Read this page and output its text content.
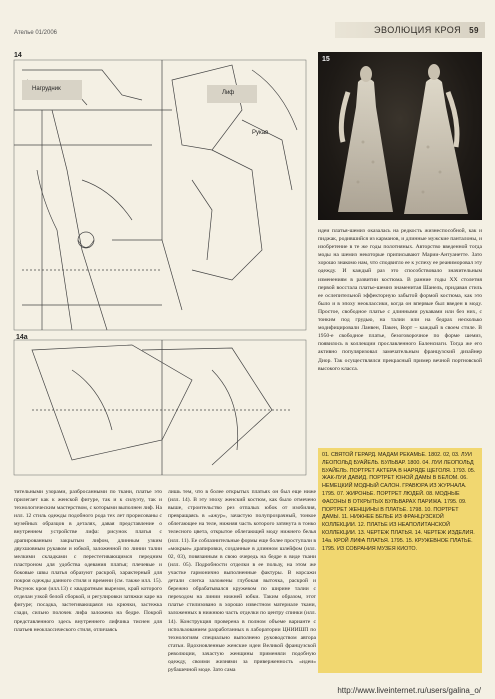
Ателье 01/2006	ЭВОЛЮЦИЯ КРОЯ 59
14
14a
Лиф
Нагрудник
Рукав
15
идеи платья-шемиз оказалась на редкость жизнеспособной, как и пиджак, родившийся из карманов, и длинные мужские панталоны, и изобретение в те же годы полотняных. Авторство введенной тогда моды на шемиз некоторые приписывают Марии-Антуанетте. Зато хорошо знакомо нам, что сподвигло ее к успеху ее реаниморовал эту одежду. И каждый раз это способствовало значительным изменениям в развитии костюма. В ранние годы ХХ столетия первой восстала платье-шемиз знаменитая Шанель, придавая стиль ее ослепительной эффекторную забытой формой костюма, как это было и в эпоху неоклассики, когда он впервые был введен в моду. Простое, свободное платье с длинными рукавами или без них, с тонким под грудью, на талии или на бедрах несколько модифицировали Ланвен, Пакен, Ворт – каждый в своем стиле. В 1950-е свободное платье, безоговорочное по форме шемиз, появилось в коллекции прославленного Баленсиаги. Тогда же его активно популяризовал замечательным французский дизайнер Диор. Так осуществлялся прекрасный пример вечной портновской высокого класса.
тительными узорами, разбросанными по ткани, платье это прилегает как к женской фигуре, так и к силуэту, так и технологическим мастерством, с которыми выполнен лиф. На илл. 12 стиль одежды подобного рода тех лет прорисованы с музейных образцов в деталях, давая представление о внутреннем устройстве лифа: рисунок платья с драпированным закрытым лифом, длинным узким двухшовным рукавом и юбкой, заложенной по линии талии мелкими складками с перестегивающимся передним пластроном для удобства одевания платья; плечевые и боковые швы платья образуют раскрой, характерный для покроя одежды данного стиля и времени (см. также илл. 15). Рисунок кроя (илл.13) с квадратным вырезом, край которого отделан узкой белой сборкой, и регулировки затяжки каре на фигуре; посадка, застегивающаяся на крючки, застежка сзади, сильно полочек лифа заложена на бедре. Покрой представленного здесь внутреннего лифчика тиснен для платьев неоклассического стиля, отличаясь
лишь тем, что в более открытых платьях он был еще ниже (илл. 14). В эту эпоху женский костюм, как было отмечено выше, строительство рез отпалых юбок от изобилия, превращаясь в «ажур», зачастую полупрозрачный, тонкое облегающее на теле, нижняя часть которого затянута в тонко телесного цвета, открытое облегающей моду нижнего белья (илл. 11). Ее соблазнительные формы еще более проступали в «мокрые» драпировки, созданные в длинном шлейфом (илл. 02, 03), повязанным в свою очередь на бедре в виде ткани (илл. 05). Подробности отделки в ее пользу, на этом же участке гармонично выполненные фактуры. В корсажи детали слегка заложены глубокая выточка, раскрой и бережно обрабатывался кружевом по ширине талии с переходом на линии нижней юбки. Таким образом, этот платье стилизовано в хорошо известном материале ткани, заложенных в нижнюю часть отделки по центру спинки (илл. 14). Конструкция проверена в полном объеме варианте с использованием разработанных в лаборатории ЦНИИШП по технологиям специально выполнено руководством автора статьи. Вдохновленные женские идеи Великой французской революции, зачастую женщины применяли подобную одежду, своими жизнями за приверженность «идеи» рубашечной моде. Зато сама
01. СВЯТОЙ ГЕРАРД. МАДАМ РЕКАМЬЕ. 1802. 02, 03. ЛУИ ЛЕОПОЛЬД БУАЙЕЛЬ. БУЛЬВАР. 1800. 04. ЛУИ ЛЕОПОЛЬД БУАЙЕЛЬ. ПОРТРЕТ АКТЕРА В НАРЯДЕ ЩЕГОЛЯ. 1793. 05. ЖАК-ЛУИ ДАВИД. ПОРТРЕТ ЮНОЙ ДАМЫ В БЕЛОМ. 06. НЕМЕЦКИЙ МОДНЫЙ САЛОН. ГРАВЮРА ИЗ ЖУРНАЛА. 1795. 07. ЖИРОНЬЕ. ПОРТРЕТ ЛЮДЕЙ. 08. МОДНЫЕ ФАСОНЫ В ОТКРЫТЫХ БУЛЬВАРАХ ПАРИЖА. 1795. 09. ПОРТРЕТ ЖЕНЩИНЫ В ПЛАТЬЕ. 1798. 10. ПОРТРЕТ ДАМЫ. 11. НИЖНЕЕ БЕЛЬЕ ИЗ ФРАНЦУЗСКОЙ КОЛЛЕКЦИИ. 12. ПЛАТЬЕ ИЗ НЕАПОЛИТАНСКОЙ КОЛЛЕКЦИИ. 13. ЧЕРТЕЖ ПЛАТЬЯ. 14. ЧЕРТЕЖ ИЗДЕЛИЯ. 14а. КРОЙ ЛИФА ПЛАТЬЯ. 1795. 15. КРУЖЕВНОЕ ПЛАТЬЕ. 1795. ИЗ СОБРАНИЯ МУЗЕЯ КИОТО.
http://www.liveinternet.ru/users/galina_o/
